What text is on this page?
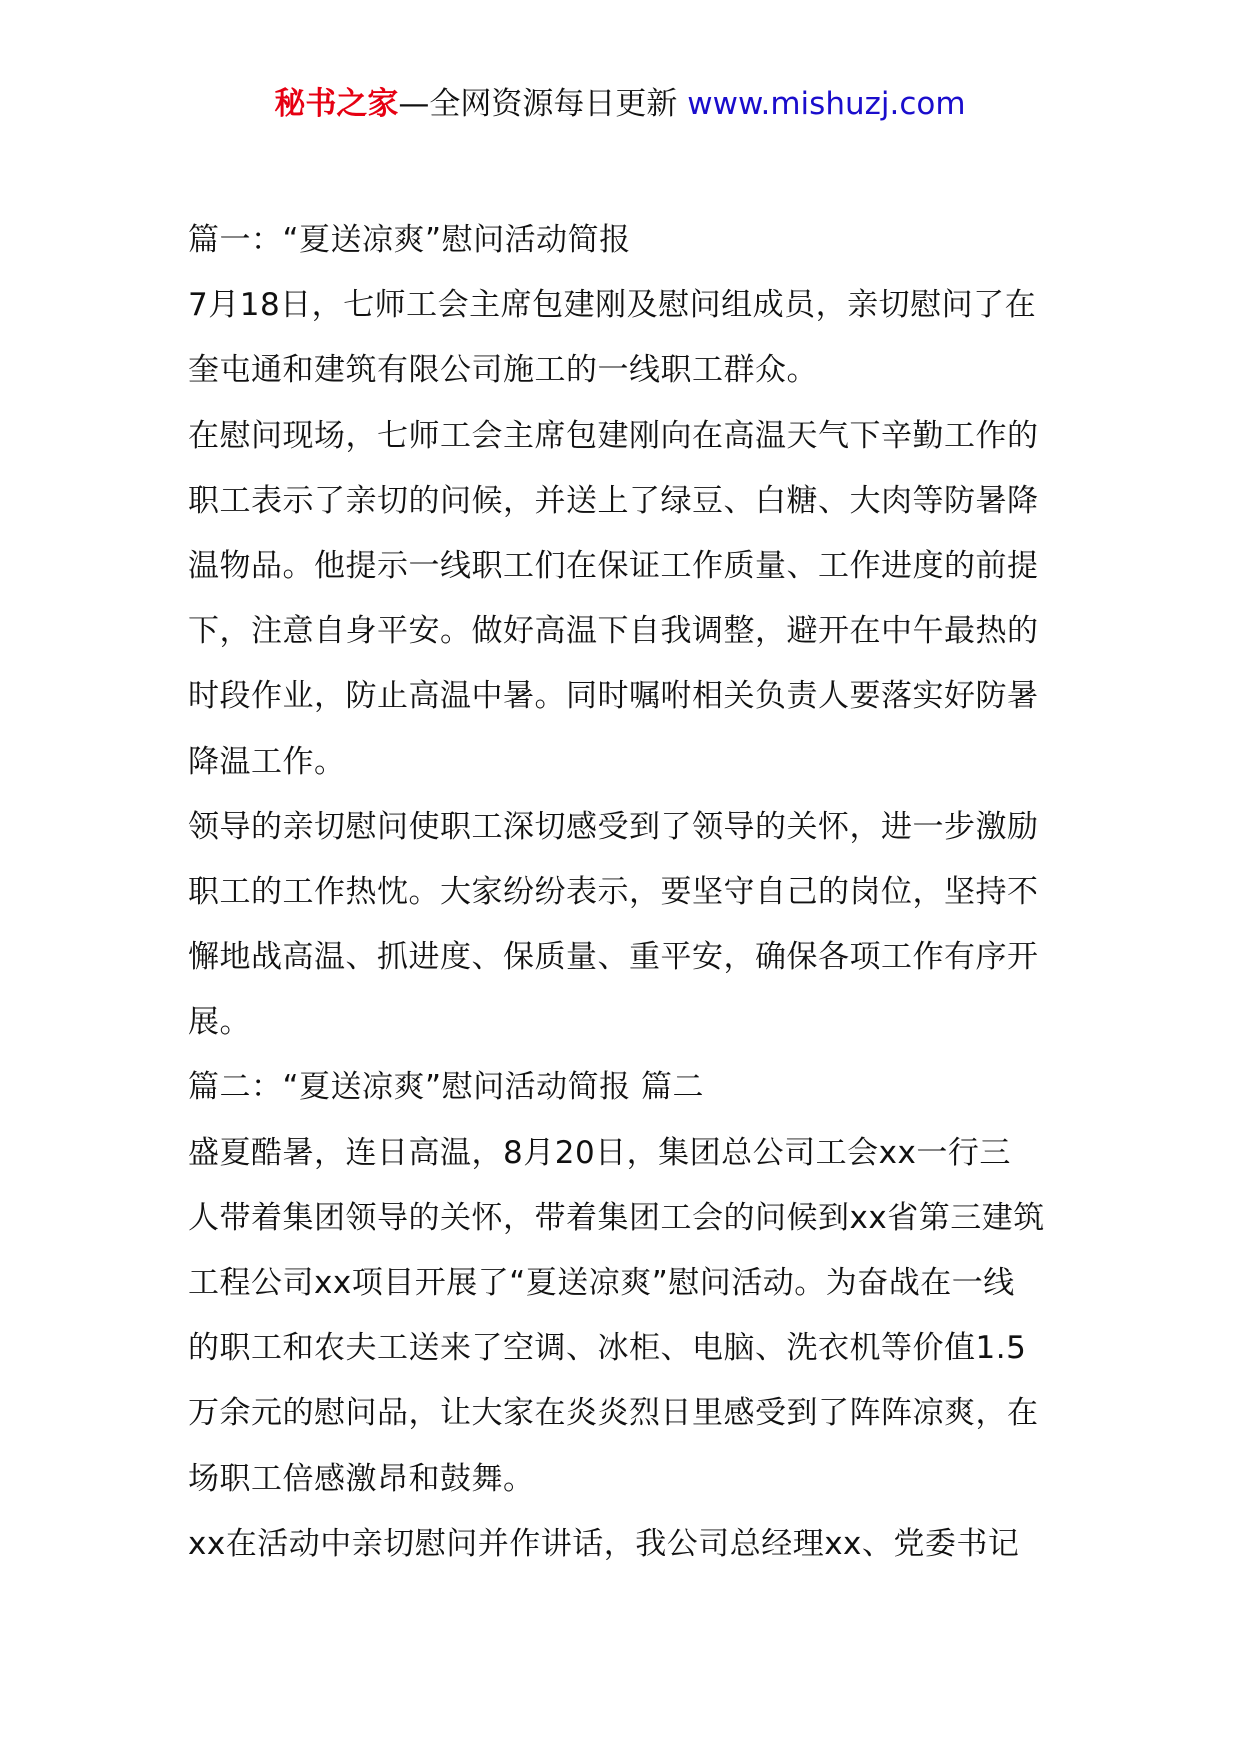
秘书之家—全网资源每日更新 www.mishuzj.com
篇一：“夏送凉爽”慰问活动简报
7月18日，七师工会主席包建刚及慰问组成员，亲切慰问了在
奎屯通和建筑有限公司施工的一线职工群众。
在慰问现场，七师工会主席包建刚向在高温天气下辛勤工作的
职工表示了亲切的问候，并送上了绿豆、白糖、大肉等防暑降
温物品。他提示一线职工们在保证工作质量、工作进度的前提
下，注意自身平安。做好高温下自我调整，避开在中午最热的
时段作业，防止高温中暑。同时嘱咐相关负责人要落实好防暑
降温工作。
领导的亲切慰问使职工深切感受到了领导的关怀，进一步激励
职工的工作热忱。大家纷纷表示，要坚守自己的岗位，坚持不
懈地战高温、抓进度、保质量、重平安，确保各项工作有序开
展。
篇二：“夏送凉爽”慰问活动简报 篇二
盛夏酷暑，连日高温，8月20日，集团总公司工会xx一行三
人带着集团领导的关怀，带着集团工会的问候到xx省第三建筑
工程公司xx项目开展了“夏送凉爽”慰问活动。为奋战在一线
的职工和农夫工送来了空调、冰柜、电脑、洗衣机等价值1.5
万余元的慰问品，让大家在炎炎烈日里感受到了阵阵凉爽，在
场职工倍感激昂和鼓舞。
xx在活动中亲切慰问并作讲话，我公司总经理xx、党委书记
